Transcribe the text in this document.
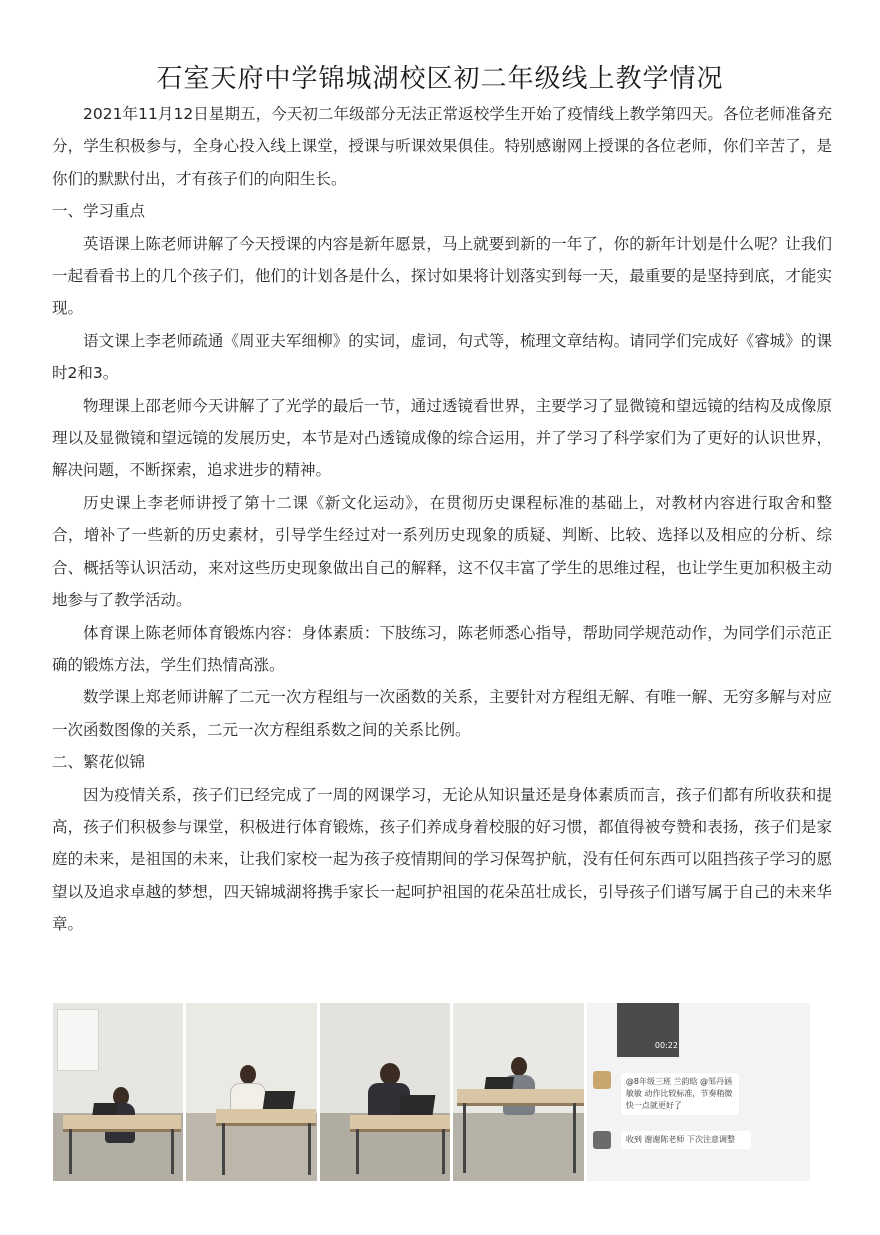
石室天府中学锦城湖校区初二年级线上教学情况

2021年11月12日星期五，今天初二年级部分无法正常返校学生开始了疫情线上教学第四天。各位老师准备充分，学生积极参与，全身心投入线上课堂，授课与听课效果俱佳。特别感谢网上授课的各位老师，你们辛苦了，是你们的默默付出，才有孩子们的向阳生长。

一、学习重点

英语课上陈老师讲解了今天授课的内容是新年愿景，马上就要到新的一年了，你的新年计划是什么呢？让我们一起看看书上的几个孩子们，他们的计划各是什么，探讨如果将计划落实到每一天，最重要的是坚持到底，才能实现。

语文课上李老师疏通《周亚夫军细柳》的实词，虚词，句式等，梳理文章结构。请同学们完成好《睿城》的课时2和3。

物理课上邵老师今天讲解了了光学的最后一节，通过透镜看世界，主要学习了显微镜和望远镜的结构及成像原理以及显微镜和望远镜的发展历史，本节是对凸透镜成像的综合运用，并了学习了科学家们为了更好的认识世界，解决问题，不断探索，追求进步的精神。

历史课上李老师讲授了第十二课《新文化运动》，在贯彻历史课程标准的基础上，对教材内容进行取舍和整合，增补了一些新的历史素材，引导学生经过对一系列历史现象的质疑、判断、比较、选择以及相应的分析、综合、概括等认识活动，来对这些历史现象做出自己的解释，这不仅丰富了学生的思维过程，也让学生更加积极主动地参与了教学活动。

体育课上陈老师体育锻炼内容：身体素质：下肢练习，陈老师悉心指导，帮助同学规范动作，为同学们示范正确的锻炼方法，学生们热情高涨。

数学课上郑老师讲解了二元一次方程组与一次函数的关系，主要针对方程组无解、有唯一解、无穷多解与对应一次函数图像的关系，二元一次方程组系数之间的关系比例。

二、繁花似锦

因为疫情关系，孩子们已经完成了一周的网课学习，无论从知识量还是身体素质而言，孩子们都有所收获和提高，孩子们积极参与课堂，积极进行体育锻炼，孩子们养成身着校服的好习惯，都值得被夸赞和表扬，孩子们是家庭的未来，是祖国的未来，让我们家校一起为孩子疫情期间的学习保驾护航，没有任何东西可以阻挡孩子学习的愿望以及追求卓越的梦想，四天锦城湖将携手家长一起呵护祖国的花朵茁壮成长，引导孩子们谱写属于自己的未来华章。

00:22
@8年级三班 兰韵晗 @邹丹涵 敏敏 动作比较标准，节奏稍微快一点就更好了
收到 谢谢陈老师 下次注意调整
